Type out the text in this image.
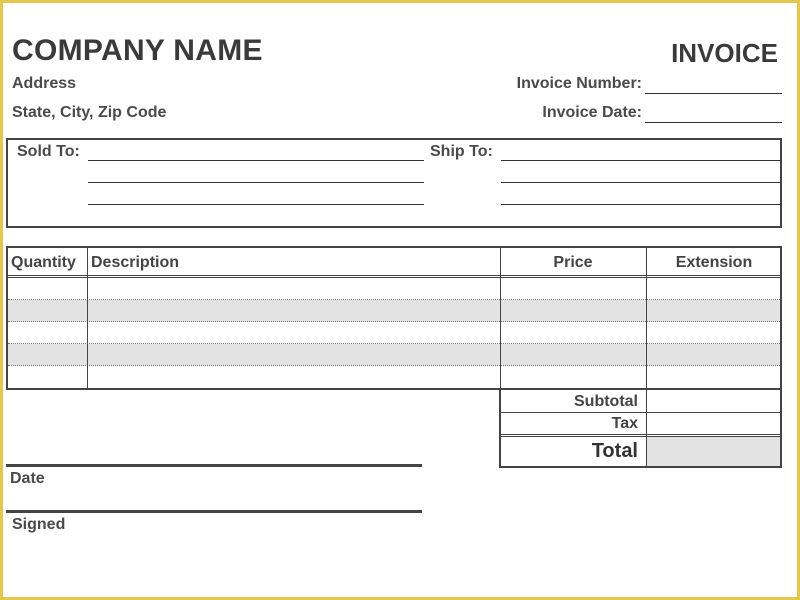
COMPANY NAME	INVOICE
Address
State, City, Zip Code
Invoice Number:
Invoice Date:
Sold To:	Ship To:
Quantity Description	Price	Extension
Subtotal
Tax
Total
Date
Signed
